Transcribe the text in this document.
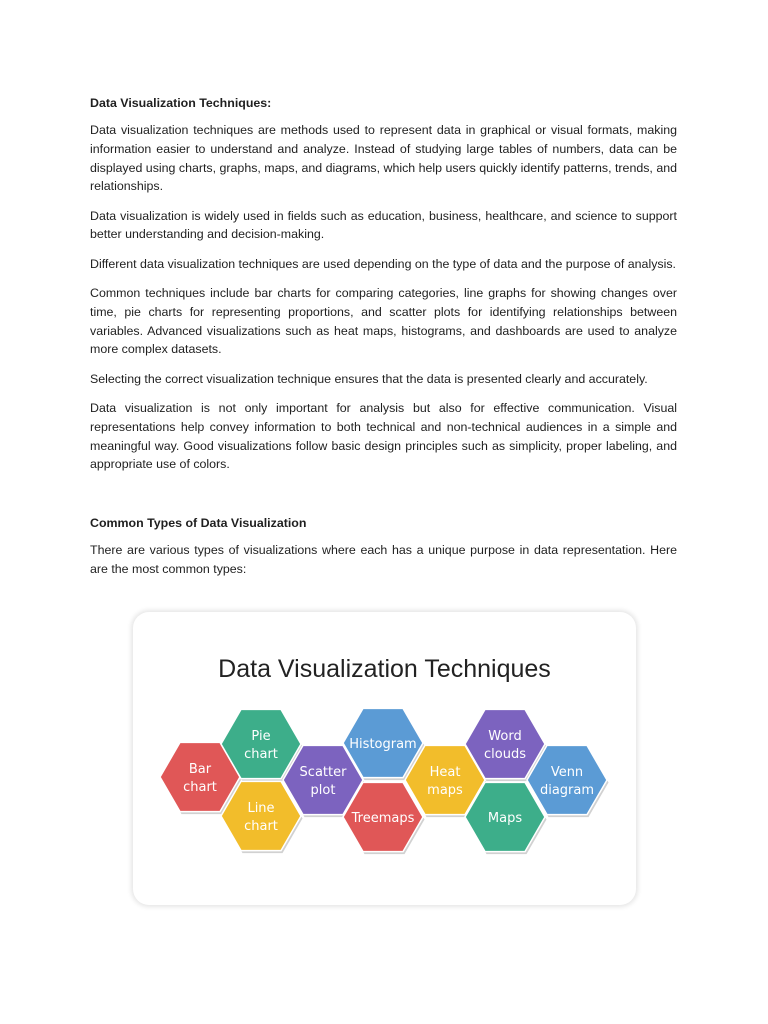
Data Visualization Techniques:

Data visualization techniques are methods used to represent data in graphical or visual formats, making information easier to understand and analyze. Instead of studying large tables of numbers, data can be displayed using charts, graphs, maps, and diagrams, which help users quickly identify patterns, trends, and relationships.

Data visualization is widely used in fields such as education, business, healthcare, and science to support better understanding and decision-making.

Different data visualization techniques are used depending on the type of data and the purpose of analysis.

Common techniques include bar charts for comparing categories, line graphs for showing changes over time, pie charts for representing proportions, and scatter plots for identifying relationships between variables. Advanced visualizations such as heat maps, histograms, and dashboards are used to analyze more complex datasets.

Selecting the correct visualization technique ensures that the data is presented clearly and accurately.

Data visualization is not only important for analysis but also for effective communication. Visual representations help convey information to both technical and non-technical audiences in a simple and meaningful way. Good visualizations follow basic design principles such as simplicity, proper labeling, and appropriate use of colors.

Common Types of Data Visualization

There are various types of visualizations where each has a unique purpose in data representation. Here are the most common types:

Data Visualization Techniques
Bar
chart
Pie
chart
Line
chart
Scatter
plot
Histogram
Treemaps
Heat
maps
Word
clouds
Maps
Venn
diagram
